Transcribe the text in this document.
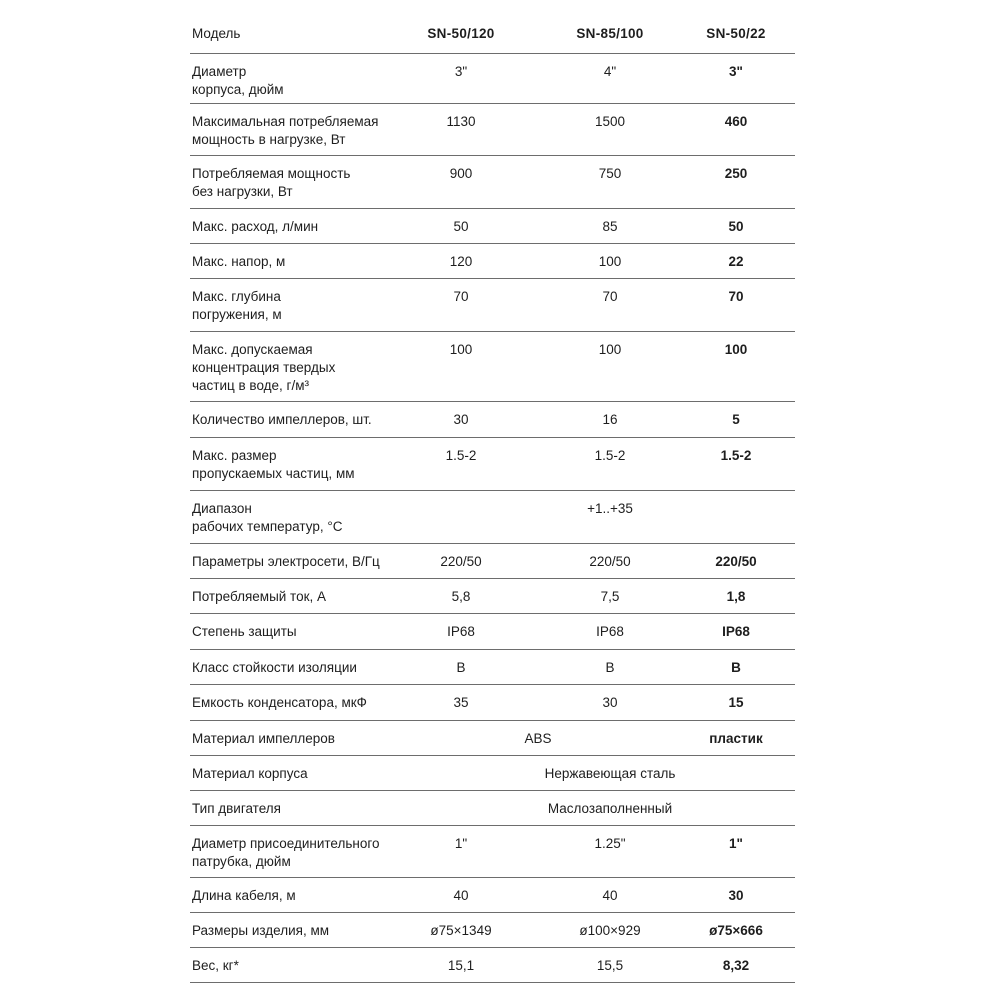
Модель	SN-50/120	SN-85/100	SN-50/22
Диаметр
корпуса, дюйм
3"	4"	3"
Максимальная потребляемая
мощность в нагрузке, Вт
1130	1500	460
Потребляемая мощность
без нагрузки, Вт
900	750	250
Макс. расход, л/мин	50	85	50
Макс. напор, м	120	100	22
Макс. глубина
погружения, м
70	70	70
Макс. допускаемая
концентрация твердых
частиц в воде, г/м³
100	100	100
Количество импеллеров, шт.	30	16	5
Макс. размер
пропускаемых частиц, мм
1.5-2	1.5-2	1.5-2
Диапазон
рабочих температур, °С
+1..+35
Параметры электросети, В/Гц	220/50	220/50	220/50
Потребляемый ток, А	5,8	7,5	1,8
Степень защиты	IP68	IP68	IP68
Класс стойкости изоляции	B	B	B
Емкость конденсатора, мкФ	35	30	15
Материал импеллеров	ABS	пластик
Материал корпуса	Нержавеющая сталь
Тип двигателя	Маслозаполненный
Диаметр присоединительного
патрубка, дюйм
1"	1.25"	1"
Длина кабеля, м	40	40	30
Размеры изделия, мм	ø75×1349	ø100×929	ø75×666
Вес, кг*	15,1	15,5	8,32
